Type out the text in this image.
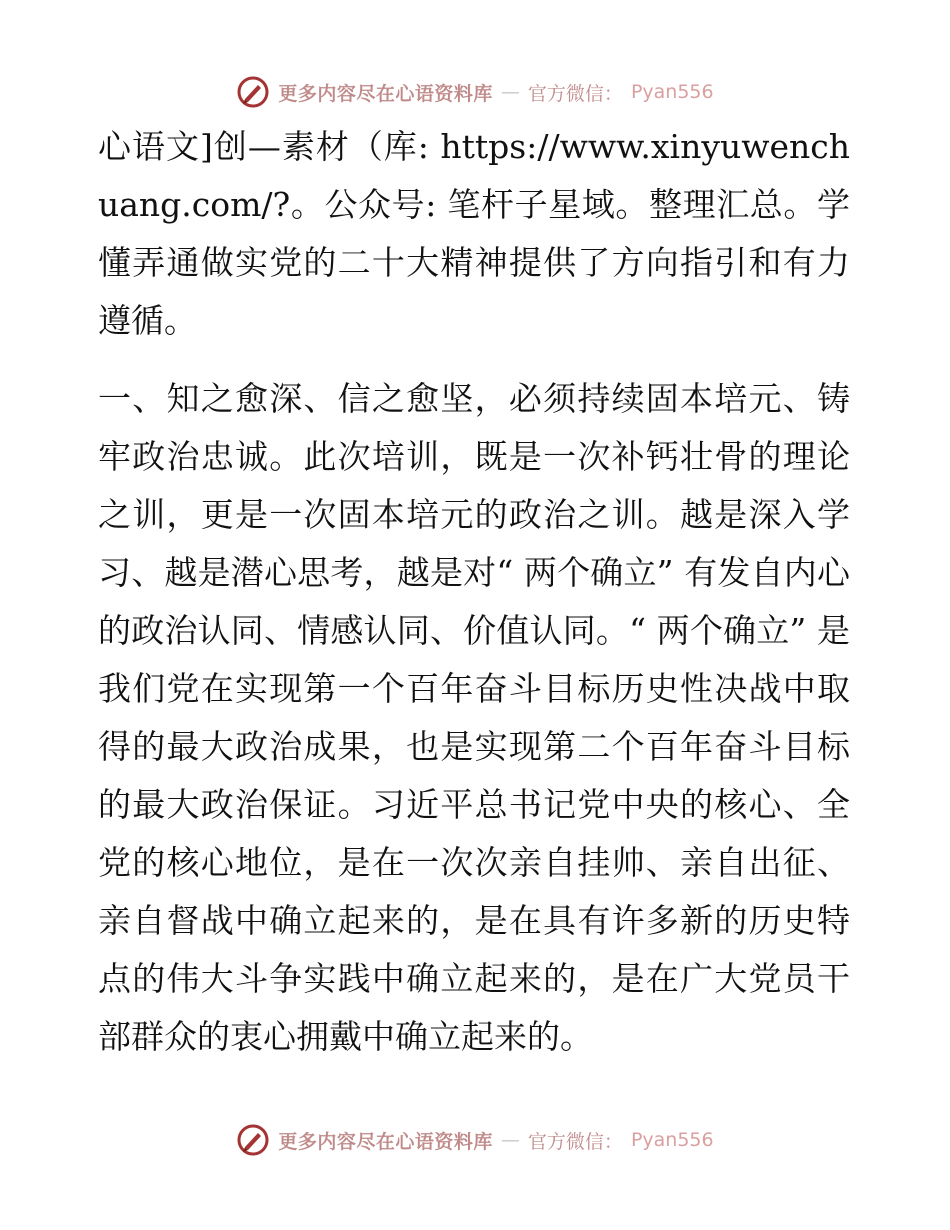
更多内容尽在心语资料库 — 官方微信： Pyan556

心语文]创—素材（库: https://www.xinyuwenchuang.com/?。公众号: 笔杆子星域。整理汇总。学懂弄通做实党的二十大精神提供了方向指引和有力遵循。

一、知之愈深、信之愈坚，必须持续固本培元、铸牢政治忠诚。此次培训，既是一次补钙壮骨的理论之训，更是一次固本培元的政治之训。越是深入学习、越是潜心思考，越是对“ 两个确立” 有发自内心的政治认同、情感认同、价值认同。“ 两个确立” 是我们党在实现第一个百年奋斗目标历史性决战中取得的最大政治成果，也是实现第二个百年奋斗目标的最大政治保证。习近平总书记党中央的核心、全党的核心地位，是在一次次亲自挂帅、亲自出征、亲自督战中确立起来的，是在具有许多新的历史特点的伟大斗争实践中确立起来的，是在广大党员干部群众的衷心拥戴中确立起来的。

更多内容尽在心语资料库 — 官方微信： Pyan556
